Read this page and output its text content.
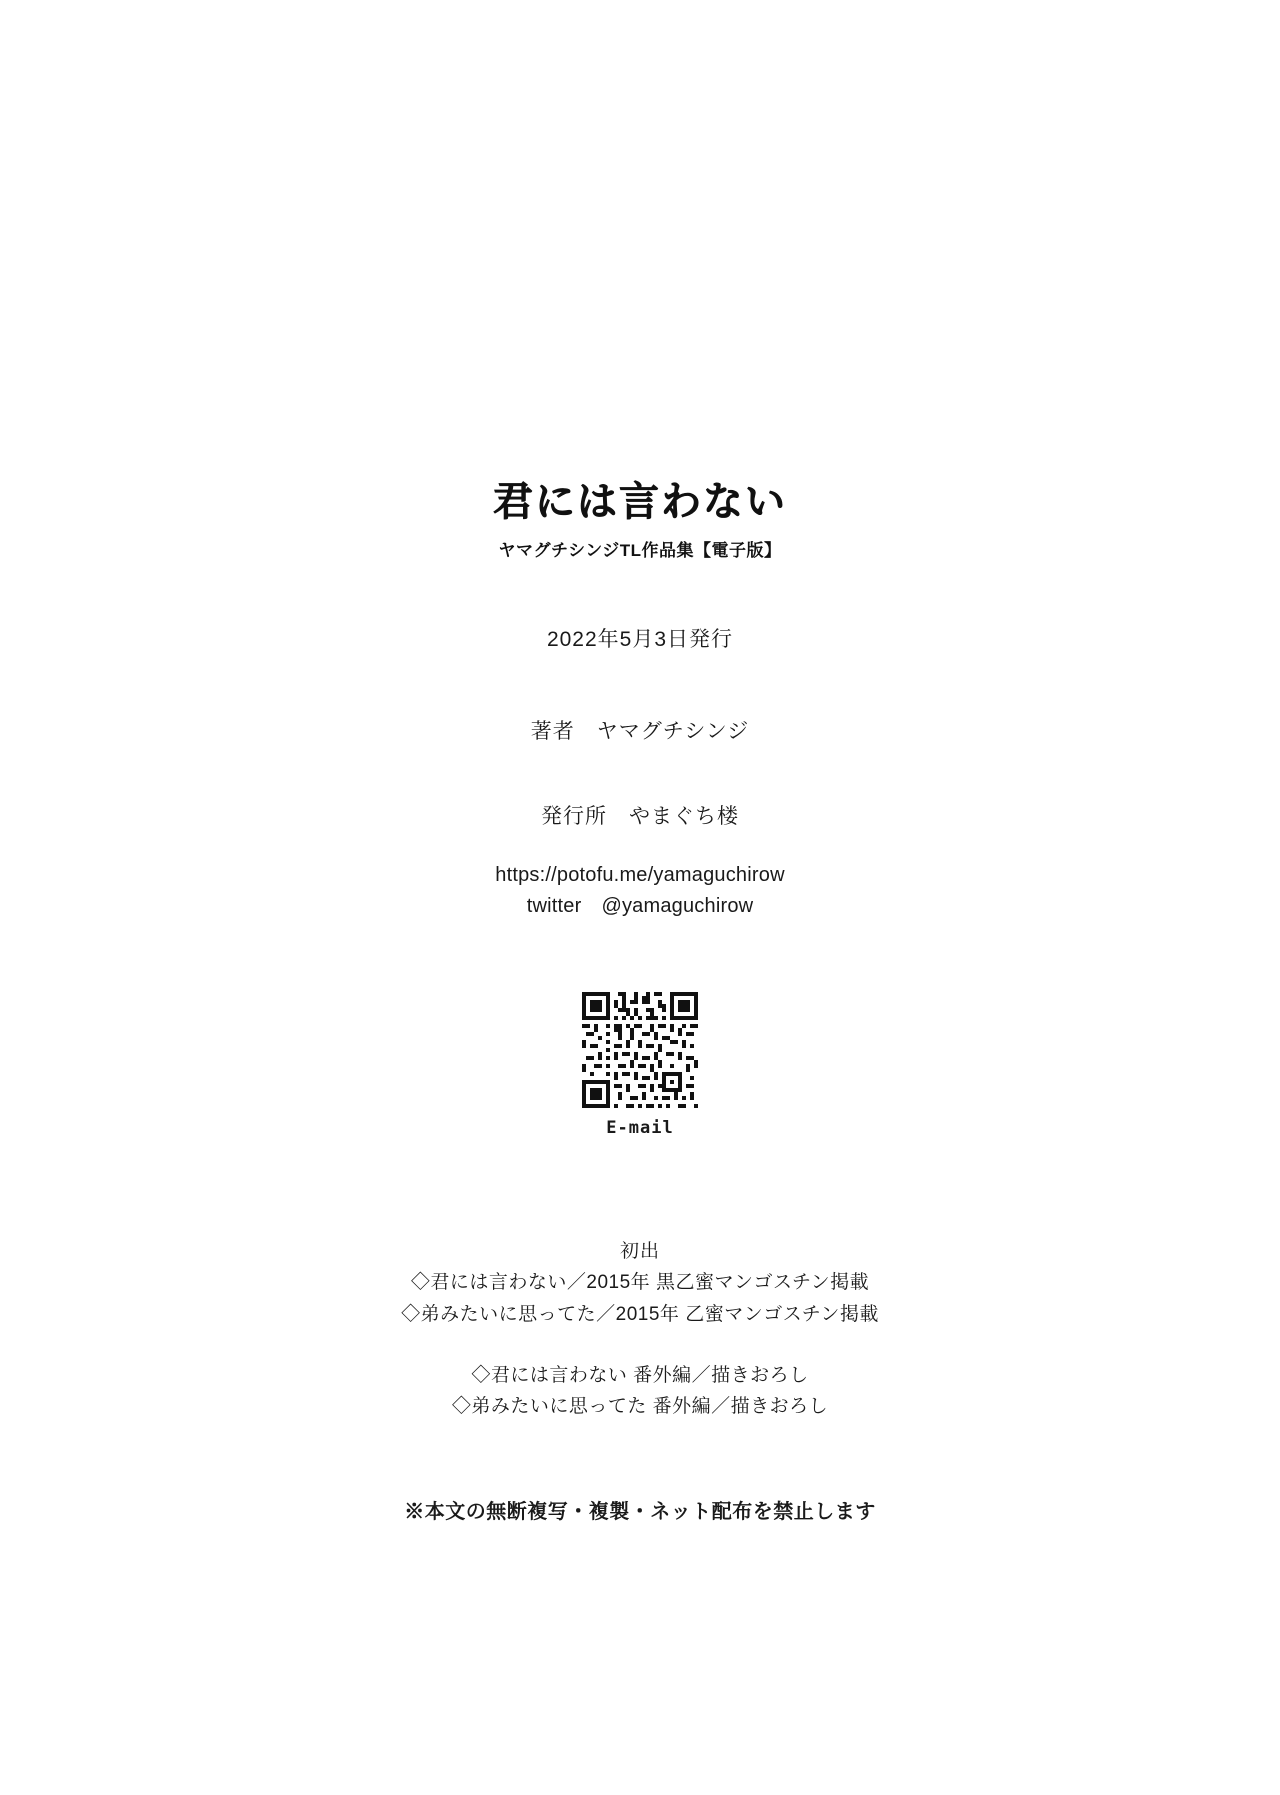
君には言わない
ヤマグチシンジTL作品集【電子版】
2022年5月3日発行
著者 ヤマグチシンジ
発行所 やまぐち楼
https://potofu.me/yamaguchirow
twitter @yamaguchirow
E-mail
初出
◇君には言わない／2015年 黒乙蜜マンゴスチン掲載
◇弟みたいに思ってた／2015年 乙蜜マンゴスチン掲載
◇君には言わない 番外編／描きおろし
◇弟みたいに思ってた 番外編／描きおろし
※本文の無断複写・複製・ネット配布を禁止します
